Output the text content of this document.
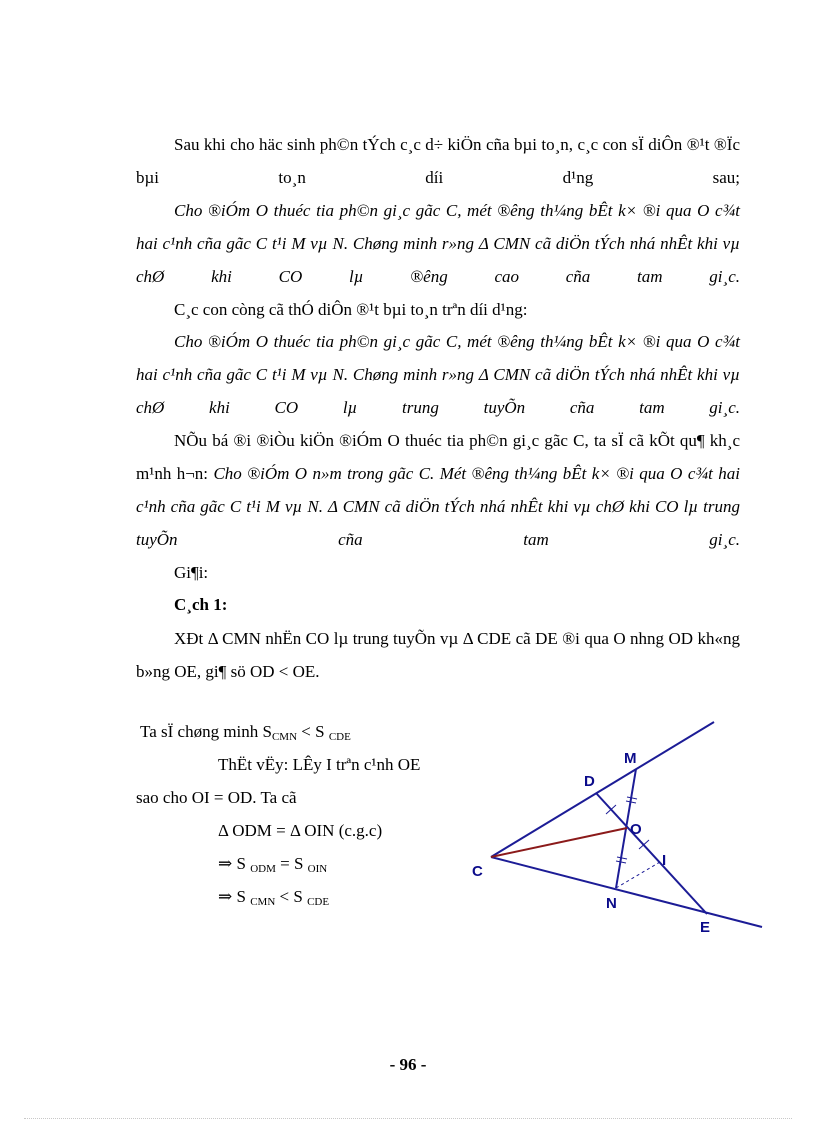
Sau khi cho häc sinh ph©n tÝch c¸c d÷ kiÖn cña bµi to¸n, c¸c con sÏ diÔn ®¹t ®Ïc bµi to¸n díi d¹ng sau;

Cho ®iÓm O thuéc tia ph©n gi¸c gãc C, mét ®êng th¼ng bÊt k× ®i qua O c¾t hai c¹nh cña gãc C t¹i M vµ N. Chøng minh r»ng Δ CMN cã diÖn tÝch nhá nhÊt khi vµ chØ khi CO lµ ®êng cao cña tam gi¸c.

C¸c con còng cã thÓ diÔn ®¹t bµi to¸n trªn díi d¹ng:

Cho ®iÓm O thuéc tia ph©n gi¸c gãc C, mét ®êng th¼ng bÊt k× ®i qua O c¾t hai c¹nh cña gãc C t¹i M vµ N. Chøng minh r»ng Δ CMN cã diÖn tÝch nhá nhÊt khi vµ chØ khi CO lµ trung tuyÕn cña tam gi¸c.

NÕu bá ®i ®iÒu kiÖn ®iÓm O thuéc tia ph©n gi¸c gãc C, ta sÏ cã kÕt qu¶ kh¸c m¹nh h¬n: Cho ®iÓm O n»m trong gãc C. Mét ®êng th¼ng bÊt k× ®i qua O c¾t hai c¹nh cña gãc C t¹i M vµ N. Δ CMN cã diÖn tÝch nhá nhÊt khi vµ chØ khi CO lµ trung tuyÕn cña tam gi¸c.

Gi¶i:

C¸ch 1:

XÐt Δ CMN nhËn CO lµ trung tuyÕn vµ Δ CDE cã DE ®i qua O nhng OD kh«ng b»ng OE, gi¶ sö OD < OE.

Ta sÏ chøng minh $S_{CMN} < S$ $_{CDE}$

ThËt vËy: LÊy I trªn c¹nh OE

sao cho OI = OD. Ta cã

Δ ODM = Δ OIN (c.g.c)

⇒ S $_{ODM}$ = S $_{OIN}$

⇒ S $_{CMN}$ < S $_{CDE}$

C
D
M
O
I
N
E
- 96 -
